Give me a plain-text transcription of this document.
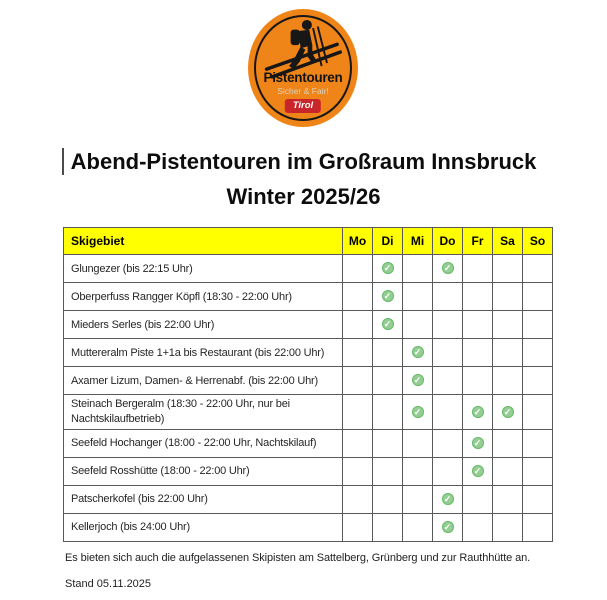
Pistentouren
Sicher & Fair!
Tirol
Abend-Pistentouren im Großraum Innsbruck
Winter 2025/26
Skigebiet	Mo	Di	Mi	Do	Fr	Sa	So
Glungezer (bis 22:15 Uhr)		✓		✓			
Oberperfuss Rangger Köpfl (18:30 - 22:00 Uhr)		✓					
Mieders Serles (bis 22:00 Uhr)		✓					
Muttereralm Piste 1+1a bis Restaurant (bis 22:00 Uhr)			✓				
Axamer Lizum, Damen- & Herrenabf. (bis 22:00 Uhr)			✓				
Steinach Bergeralm (18:30 - 22:00 Uhr, nur bei Nachtskilaufbetrieb)			✓		✓	✓	
Seefeld Hochanger (18:00 - 22:00 Uhr, Nachtskilauf)					✓		
Seefeld Rosshütte (18:00 - 22:00 Uhr)					✓		
Patscherkofel (bis 22:00 Uhr)				✓			
Kellerjoch (bis 24:00 Uhr)				✓			
Es bieten sich auch die aufgelassenen Skipisten am Sattelberg, Grünberg und zur Rauthhütte an.
Stand 05.11.2025
